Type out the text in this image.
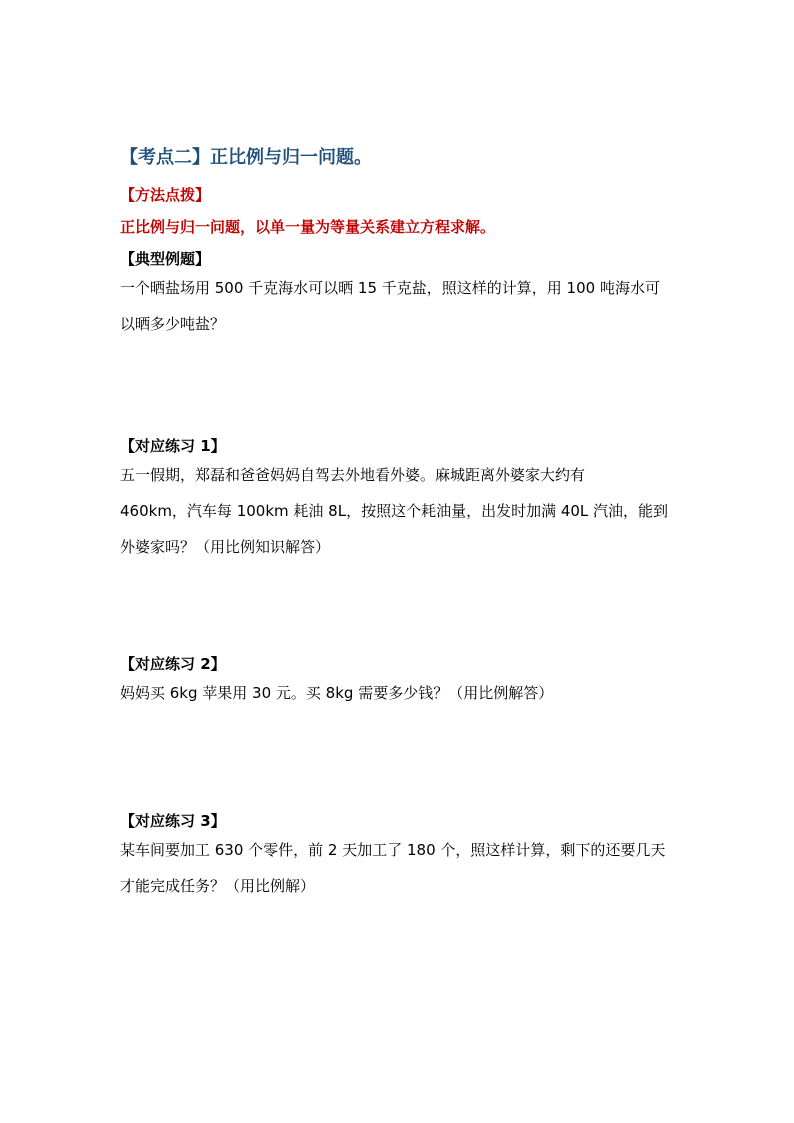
【考点二】正比例与归一问题。
【方法点拨】
正比例与归一问题，以单一量为等量关系建立方程求解。
【典型例题】
一个晒盐场用 500 千克海水可以晒 15 千克盐，照这样的计算，用 100 吨海水可
以晒多少吨盐？
【对应练习 1】
五一假期，郑磊和爸爸妈妈自驾去外地看外婆。麻城距离外婆家大约有
460km，汽车每 100km 耗油 8L，按照这个耗油量，出发时加满 40L 汽油，能到
外婆家吗？（用比例知识解答）
【对应练习 2】
妈妈买 6kg 苹果用 30 元。买 8kg 需要多少钱？（用比例解答）
【对应练习 3】
某车间要加工 630 个零件，前 2 天加工了 180 个，照这样计算，剩下的还要几天
才能完成任务？（用比例解）
